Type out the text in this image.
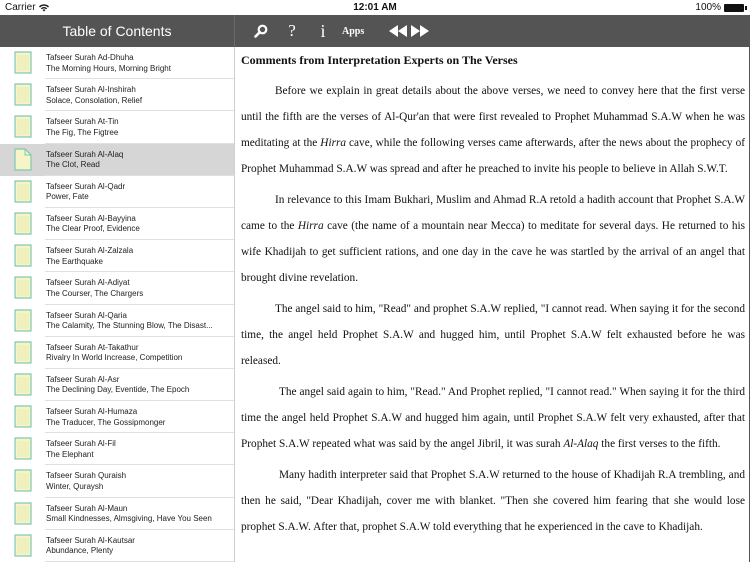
Carrier	12:01 AM	100%
Table of Contents	? i Apps
Tafseer Surah Ad-Dhuha
The Morning Hours, Morning Bright
Tafseer Surah Al-Inshirah
Solace, Consolation, Relief
Tafseer Surah At-Tin
The Fig, The Figtree
Tafseer Surah Al-Alaq
The Clot, Read
Tafseer Surah Al-Qadr
Power, Fate
Tafseer Surah Al-Bayyina
The Clear Proof, Evidence
Tafseer Surah Al-Zalzala
The Earthquake
Tafseer Surah Al-Adiyat
The Courser, The Chargers
Tafseer Surah Al-Qaria
The Calamity, The Stunning Blow, The Disast...
Tafseer Surah At-Takathur
Rivalry In World Increase, Competition
Tafseer Surah Al-Asr
The Declining Day, Eventide, The Epoch
Tafseer Surah Al-Humaza
The Traducer, The Gossipmonger
Tafseer Surah Al-Fil
The Elephant
Tafseer Surah Quraish
Winter, Quraysh
Tafseer Surah Al-Maun
Small Kindnesses, Almsgiving, Have You Seen
Tafseer Surah Al-Kautsar
Abundance, Plenty
Comments from Interpretation Experts on The Verses

Before we explain in great details about the above verses, we need to convey here that the first verse until the fifth are the verses of Al-Qur'an that were first revealed to Prophet Muhammad S.A.W when he was meditating at the Hirra cave, while the following verses came afterwards, after the news about the prophecy of Prophet Muhammad S.A.W was spread and after he preached to invite his people to believe in Allah S.W.T.

In relevance to this Imam Bukhari, Muslim and Ahmad R.A retold a hadith account that Prophet S.A.W came to the Hirra cave (the name of a mountain near Mecca) to meditate for several days. He returned to his wife Khadijah to get sufficient rations, and one day in the cave he was startled by the arrival of an angel that brought divine revelation.

The angel said to him, "Read" and prophet S.A.W replied, "I cannot read. When saying it for the second time, the angel held Prophet S.A.W and hugged him, until Prophet S.A.W felt exhausted before he was released.

The angel said again to him, "Read." And Prophet replied, "I cannot read." When saying it for the third time the angel held Prophet S.A.W and hugged him again, until Prophet S.A.W felt very exhausted, after that Prophet S.A.W repeated what was said by the angel Jibril, it was surah Al-Alaq the first verses to the fifth.

Many hadith interpreter said that Prophet S.A.W returned to the house of Khadijah R.A trembling, and then he said, "Dear Khadijah, cover me with blanket. "Then she covered him fearing that she would lose prophet S.A.W. After that, prophet S.A.W told everything that he experienced in the cave to Khadijah.
